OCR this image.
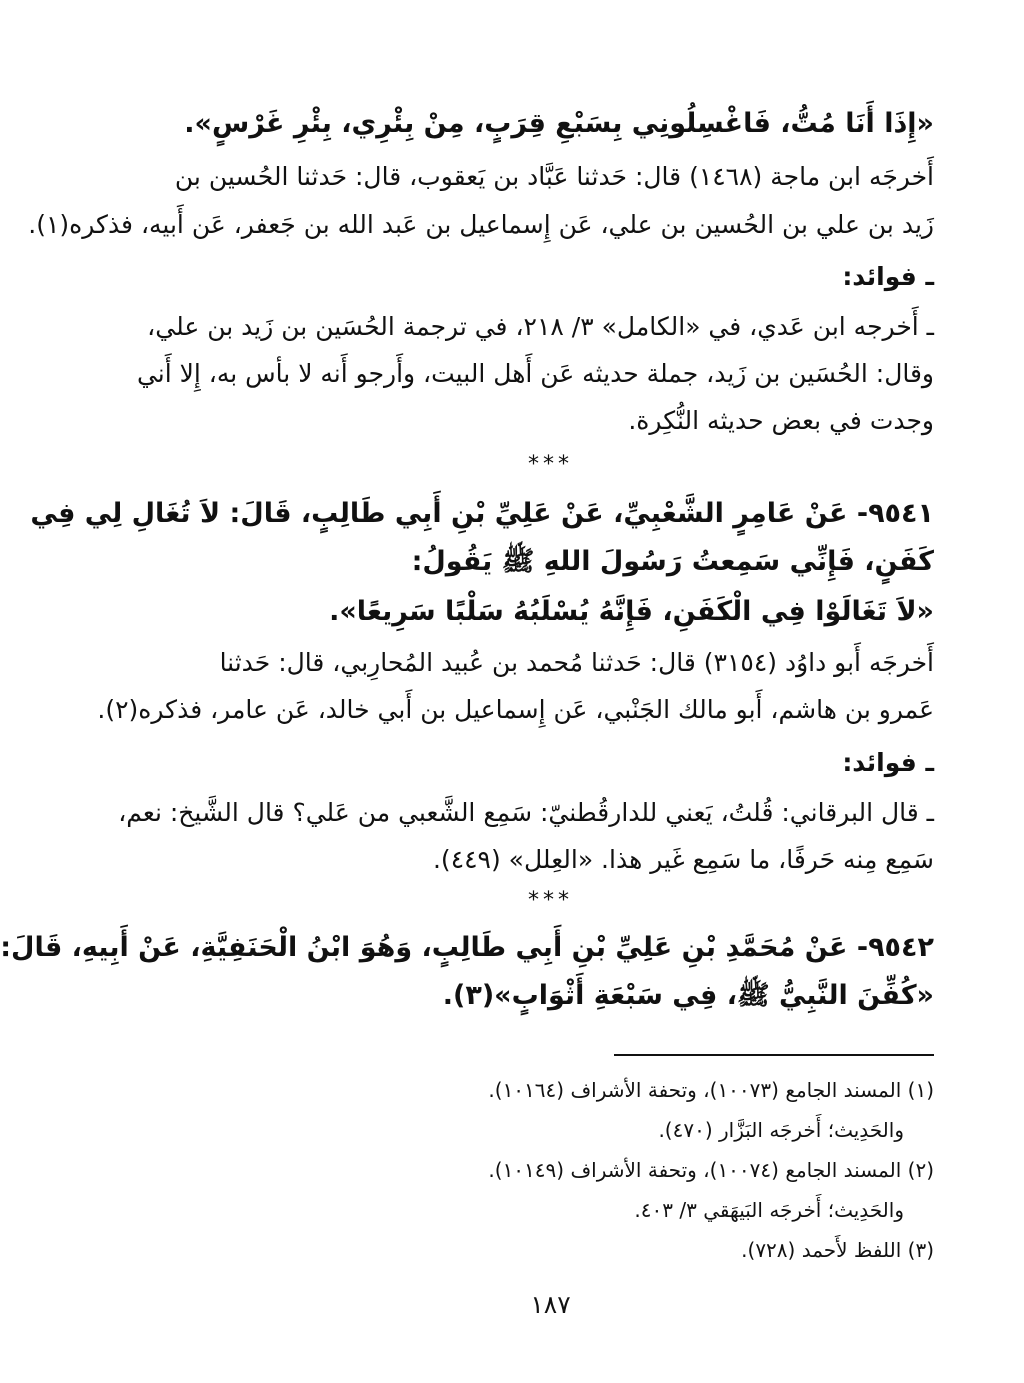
«إِذَا أَنَا مُتُّ، فَاغْسِلُونِي بِسَبْعِ قِرَبٍ، مِنْ بِئْرِي، بِئْرِ غَرْسٍ».
أَخرجَه ابن ماجة (١٤٦٨) قال: حَدثنا عَبَّاد بن يَعقوب، قال: حَدثنا الحُسين بن
زَيد بن علي بن الحُسين بن علي، عَن إِسماعيل بن عَبد الله بن جَعفر، عَن أَبيه، فذكره(١).
ـ فوائد:
ـ أَخرجه ابن عَدي، في «الكامل» ٣/ ٢١٨، في ترجمة الحُسَين بن زَيد بن علي،
وقال: الحُسَين بن زَيد، جملة حديثه عَن أَهل البيت، وأَرجو أَنه لا بأس به، إِلا أَني
وجدت في بعض حديثه النُّكِرة.
***
٩٥٤١- عَنْ عَامِرٍ الشَّعْبِيِّ، عَنْ عَلِيِّ بْنِ أَبِي طَالِبٍ، قَالَ: لاَ تُغَالِ لِي فِي
كَفَنٍ، فَإِنِّي سَمِعتُ رَسُولَ اللهِ ﷺ يَقُولُ:
«لاَ تَغَالَوْا فِي الْكَفَنِ، فَإِنَّهُ يُسْلَبُهُ سَلْبًا سَرِيعًا».
أَخرجَه أَبو داوُد (٣١٥٤) قال: حَدثنا مُحمد بن عُبيد المُحارِبي، قال: حَدثنا
عَمرو بن هاشم، أَبو مالك الجَنْبي، عَن إِسماعيل بن أَبي خالد، عَن عامر، فذكره(٢).
ـ فوائد:
ـ قال البرقاني: قُلتُ، يَعني للدارقُطنيّ: سَمِع الشَّعبي من عَلي؟ قال الشَّيخ: نعم،
سَمِع مِنه حَرفًا، ما سَمِع غَير هذا. «العِلل» (٤٤٩).
***
٩٥٤٢- عَنْ مُحَمَّدِ بْنِ عَلِيِّ بْنِ أَبِي طَالِبٍ، وَهُوَ ابْنُ الْحَنَفِيَّةِ، عَنْ أَبِيهِ، قَالَ:
«كُفِّنَ النَّبِيُّ ﷺ، فِي سَبْعَةِ أَثْوَابٍ»(٣).
(١) المسند الجامع (١٠٠٧٣)، وتحفة الأشراف (١٠١٦٤).
والحَدِيث؛ أَخرجَه البَزَّار (٤٧٠).
(٢) المسند الجامع (١٠٠٧٤)، وتحفة الأشراف (١٠١٤٩).
والحَدِيث؛ أَخرجَه البَيهَقي ٣/ ٤٠٣.
(٣) اللفظ لأَحمد (٧٢٨).
١٨٧
